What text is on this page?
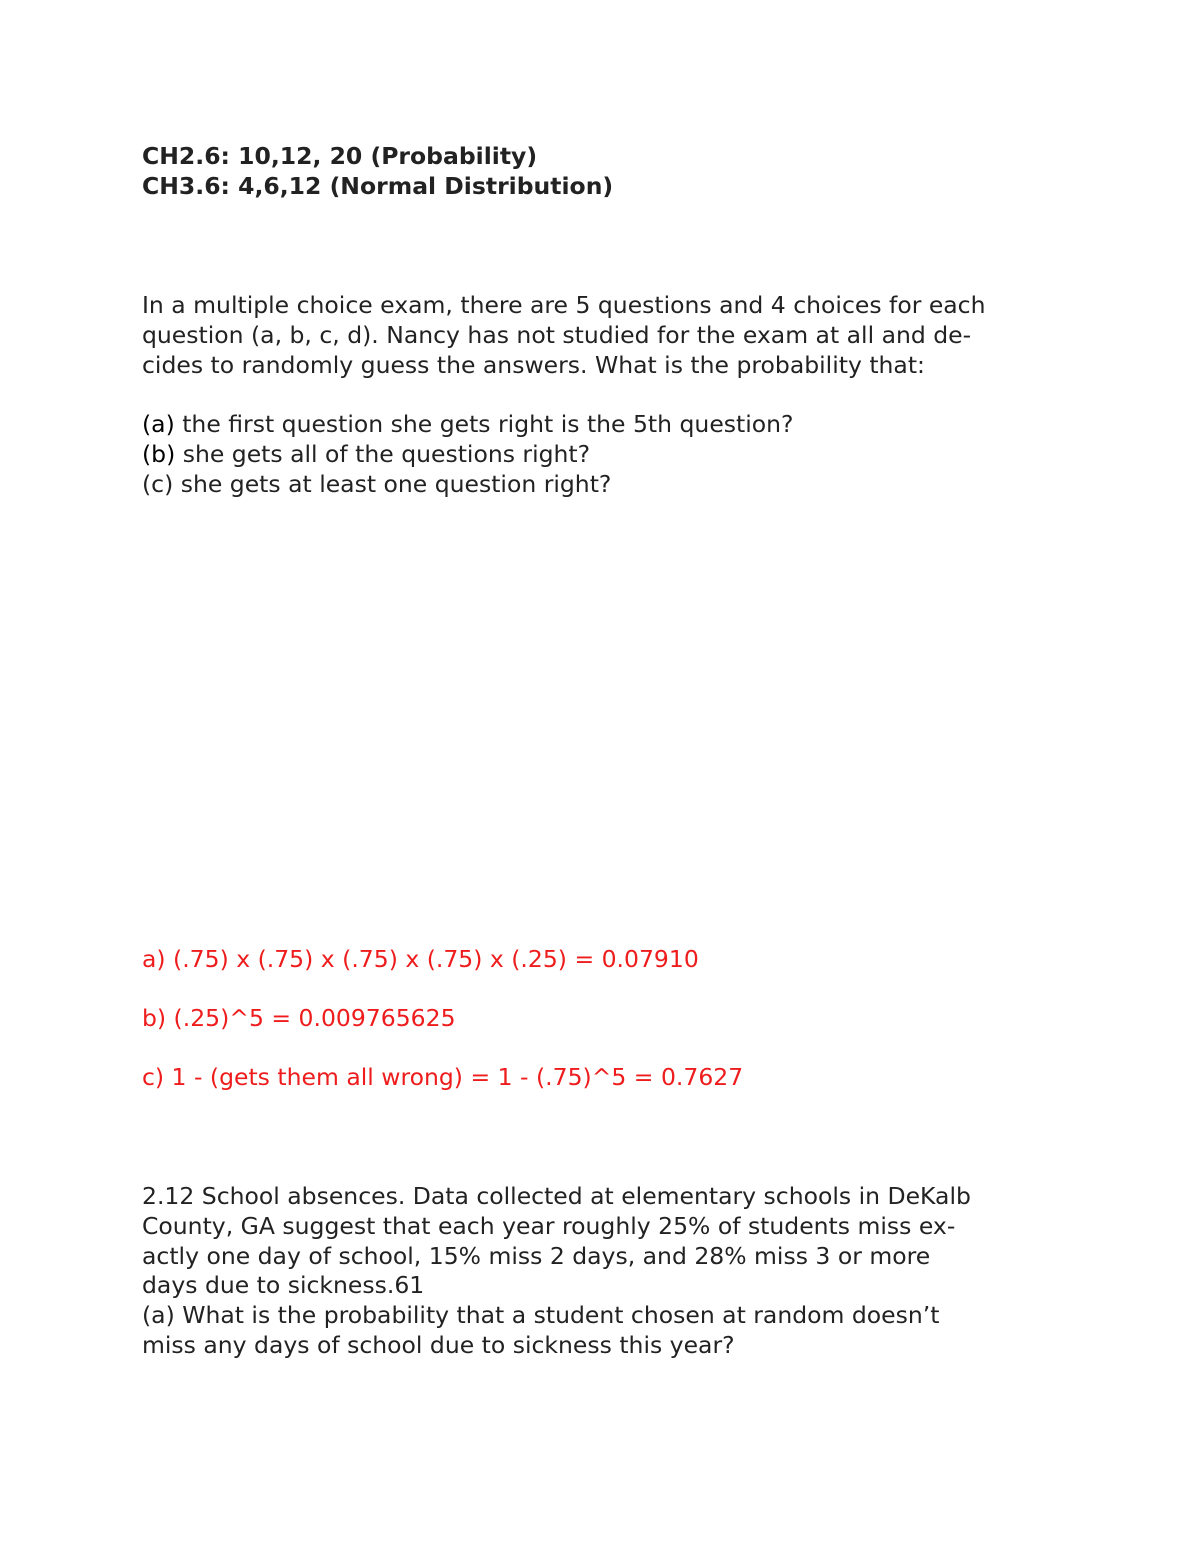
CH2.6: 10,12, 20 (Probability)
CH3.6: 4,6,12 (Normal Distribution)
In a multiple choice exam, there are 5 questions and 4 choices for each
question (a, b, c, d). Nancy has not studied for the exam at all and de-
cides to randomly guess the answers. What is the probability that:
(a) the first question she gets right is the 5th question?
(b) she gets all of the questions right?
(c) she gets at least one question right?
a) (.75) x (.75) x (.75) x (.75) x (.25) = 0.07910
b) (.25)^5 = 0.009765625
c) 1 - (gets them all wrong) = 1 - (.75)^5 = 0.7627
2.12 School absences. Data collected at elementary schools in DeKalb
County, GA suggest that each year roughly 25% of students miss ex-
actly one day of school, 15% miss 2 days, and 28% miss 3 or more
days due to sickness.61
(a) What is the probability that a student chosen at random doesn’t
miss any days of school due to sickness this year?
